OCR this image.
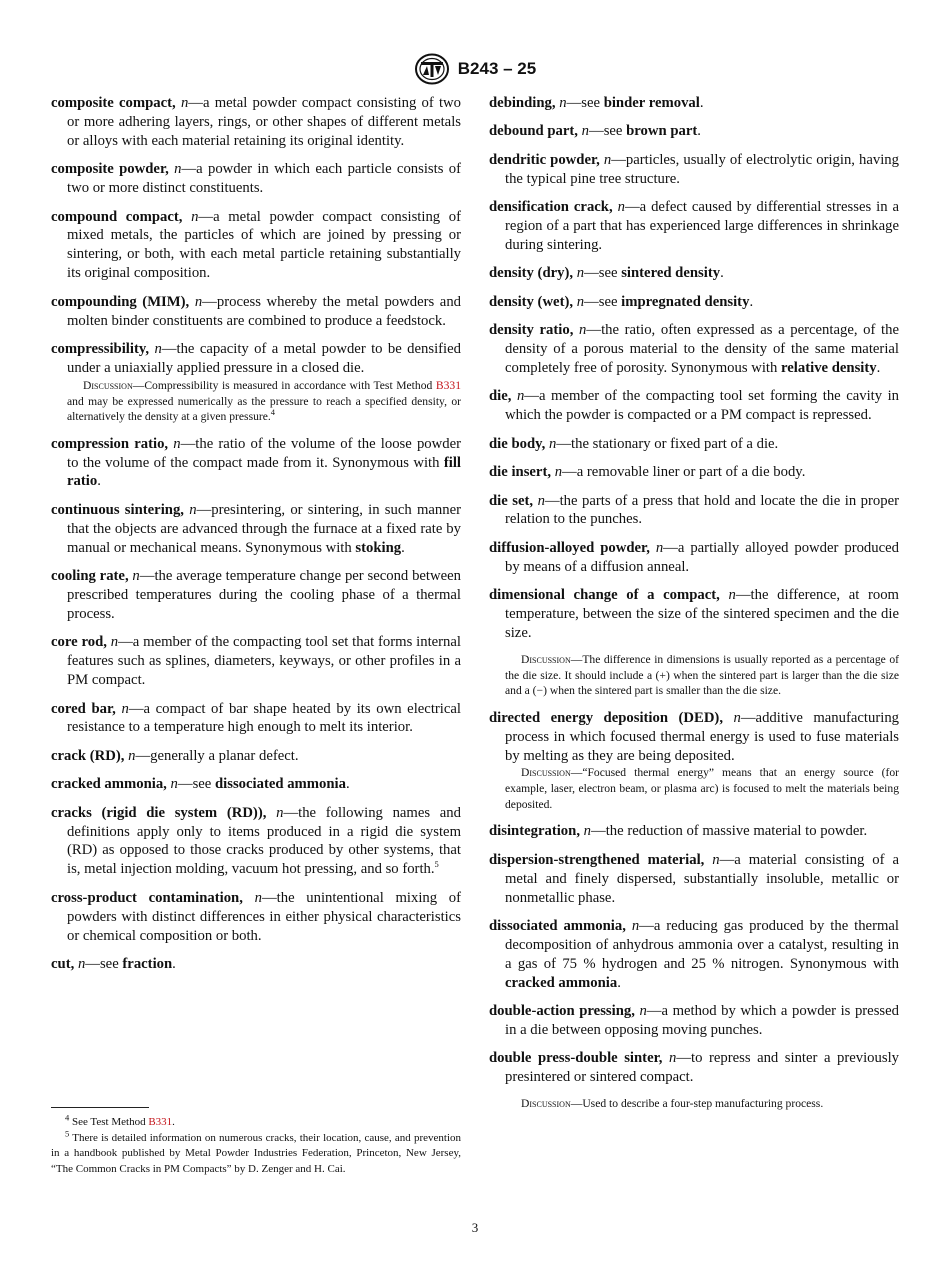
B243 – 25

composite compact, n—a metal powder compact consisting of two or more adhering layers, rings, or other shapes of different metals or alloys with each material retaining its original identity.

composite powder, n—a powder in which each particle consists of two or more distinct constituents.

compound compact, n—a metal powder compact consisting of mixed metals, the particles of which are joined by pressing or sintering, or both, with each metal particle retaining substantially its original composition.

compounding (MIM), n—process whereby the metal powders and molten binder constituents are combined to produce a feedstock.

compressibility, n—the capacity of a metal powder to be densified under a uniaxially applied pressure in a closed die.

Discussion—Compressibility is measured in accordance with Test Method B331 and may be expressed numerically as the pressure to reach a specified density, or alternatively the density at a given pressure.$^4$

compression ratio, n—the ratio of the volume of the loose powder to the volume of the compact made from it. Synonymous with fill ratio.

continuous sintering, n—presintering, or sintering, in such manner that the objects are advanced through the furnace at a fixed rate by manual or mechanical means. Synonymous with stoking.

cooling rate, n—the average temperature change per second between prescribed temperatures during the cooling phase of a thermal process.

core rod, n—a member of the compacting tool set that forms internal features such as splines, diameters, keyways, or other profiles in a PM compact.

cored bar, n—a compact of bar shape heated by its own electrical resistance to a temperature high enough to melt its interior.

crack (RD), n—generally a planar defect.

cracked ammonia, n—see dissociated ammonia.

cracks (rigid die system (RD)), n—the following names and definitions apply only to items produced in a rigid die system (RD) as opposed to those cracks produced by other systems, that is, metal injection molding, vacuum hot pressing, and so forth.$^5$

cross-product contamination, n—the unintentional mixing of powders with distinct differences in either physical characteristics or chemical composition or both.

cut, n—see fraction.

debinding, n—see binder removal.

debound part, n—see brown part.

dendritic powder, n—particles, usually of electrolytic origin, having the typical pine tree structure.

densification crack, n—a defect caused by differential stresses in a region of a part that has experienced large differences in shrinkage during sintering.

density (dry), n—see sintered density.

density (wet), n—see impregnated density.

density ratio, n—the ratio, often expressed as a percentage, of the density of a porous material to the density of the same material completely free of porosity. Synonymous with relative density.

die, n—a member of the compacting tool set forming the cavity in which the powder is compacted or a PM compact is repressed.

die body, n—the stationary or fixed part of a die.

die insert, n—a removable liner or part of a die body.

die set, n—the parts of a press that hold and locate the die in proper relation to the punches.

diffusion-alloyed powder, n—a partially alloyed powder produced by means of a diffusion anneal.

dimensional change of a compact, n—the difference, at room temperature, between the size of the sintered specimen and the die size.

Discussion—The difference in dimensions is usually reported as a percentage of the die size. It should include a (+) when the sintered part is larger than the die size and a (−) when the sintered part is smaller than the die size.

directed energy deposition (DED), n—additive manufacturing process in which focused thermal energy is used to fuse materials by melting as they are being deposited.

Discussion—“Focused thermal energy” means that an energy source (for example, laser, electron beam, or plasma arc) is focused to melt the materials being deposited.

disintegration, n—the reduction of massive material to powder.

dispersion-strengthened material, n—a material consisting of a metal and finely dispersed, substantially insoluble, metallic or nonmetallic phase.

dissociated ammonia, n—a reducing gas produced by the thermal decomposition of anhydrous ammonia over a catalyst, resulting in a gas of 75 % hydrogen and 25 % nitrogen. Synonymous with cracked ammonia.

double-action pressing, n—a method by which a powder is pressed in a die between opposing moving punches.

double press-double sinter, n—to repress and sinter a previously presintered or sintered compact.

Discussion—Used to describe a four-step manufacturing process.

$^4$ See Test Method B331.

$^5$ There is detailed information on numerous cracks, their location, cause, and prevention in a handbook published by Metal Powder Industries Federation, Princeton, New Jersey, “The Common Cracks in PM Compacts” by D. Zenger and H. Cai.

3
